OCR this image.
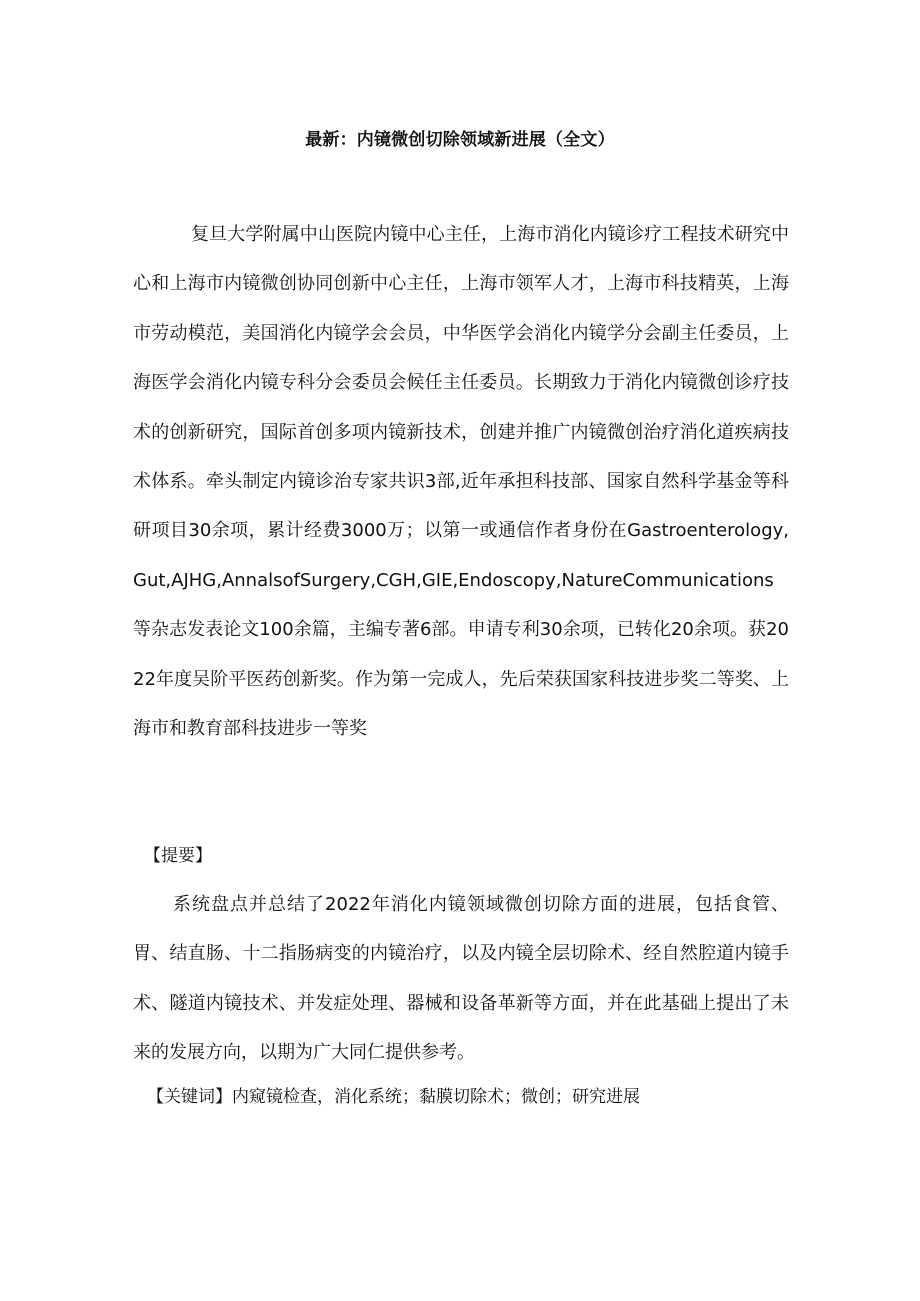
最新：内镜微创切除领域新进展（全文）

复旦大学附属中山医院内镜中心主任，上海市消化内镜诊疗工程技术研究中心和上海市内镜微创协同创新中心主任，上海市领军人才，上海市科技精英，上海市劳动模范，美国消化内镜学会会员，中华医学会消化内镜学分会副主任委员，上海医学会消化内镜专科分会委员会候任主任委员。长期致力于消化内镜微创诊疗技术的创新研究，国际首创多项内镜新技术，创建并推广内镜微创治疗消化道疾病技术体系。牵头制定内镜诊治专家共识3部,近年承担科技部、国家自然科学基金等科研项目30余项，累计经费3000万；以第一或通信作者身份在Gastroenterology,Gut,AJHG,AnnalsofSurgery,CGH,GIE,Endoscopy,NatureCommunications等杂志发表论文100余篇，主编专著6部。申请专利30余项，已转化20余项。获2022年度吴阶平医药创新奖。作为第一完成人，先后荣获国家科技进步奖二等奖、上海市和教育部科技进步一等奖

【提要】

系统盘点并总结了2022年消化内镜领域微创切除方面的进展，包括食管、胃、结直肠、十二指肠病变的内镜治疗，以及内镜全层切除术、经自然腔道内镜手术、隧道内镜技术、并发症处理、器械和设备革新等方面，并在此基础上提出了未来的发展方向，以期为广大同仁提供参考。

【关键词】内窥镜检查，消化系统；黏膜切除术；微创；研究进展
